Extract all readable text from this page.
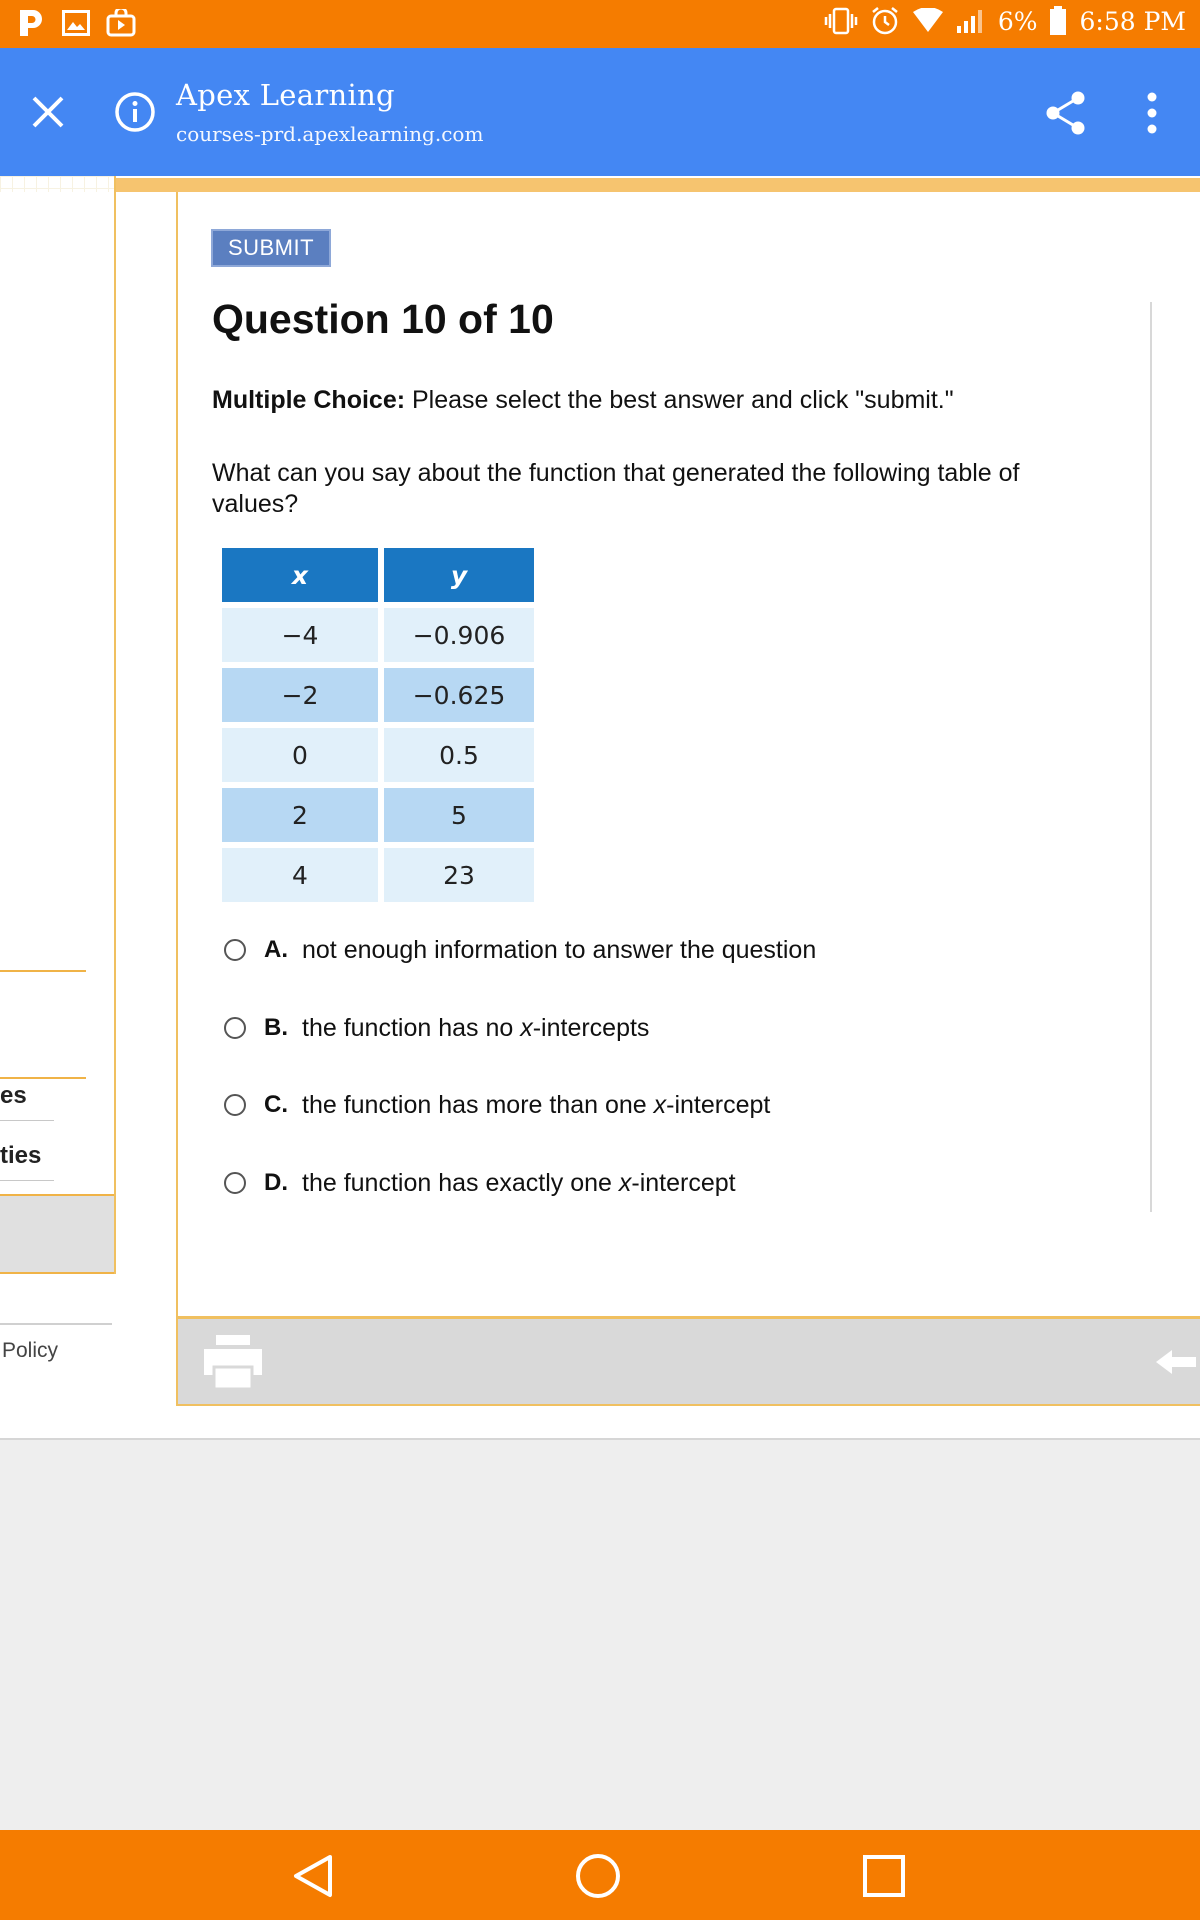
6% 6:58 PM
Apex Learning
courses-prd.apexlearning.com
es
ties
Policy
SUBMIT
Question 10 of 10
Multiple Choice: Please select the best answer and click "submit."
What can you say about the function that generated the following table of values?
x	y
−4	−0.906
−2	−0.625
0	0.5
2	5
4	23
A. not enough information to answer the question
B. the function has no x-intercepts
C. the function has more than one x-intercept
D. the function has exactly one x-intercept
